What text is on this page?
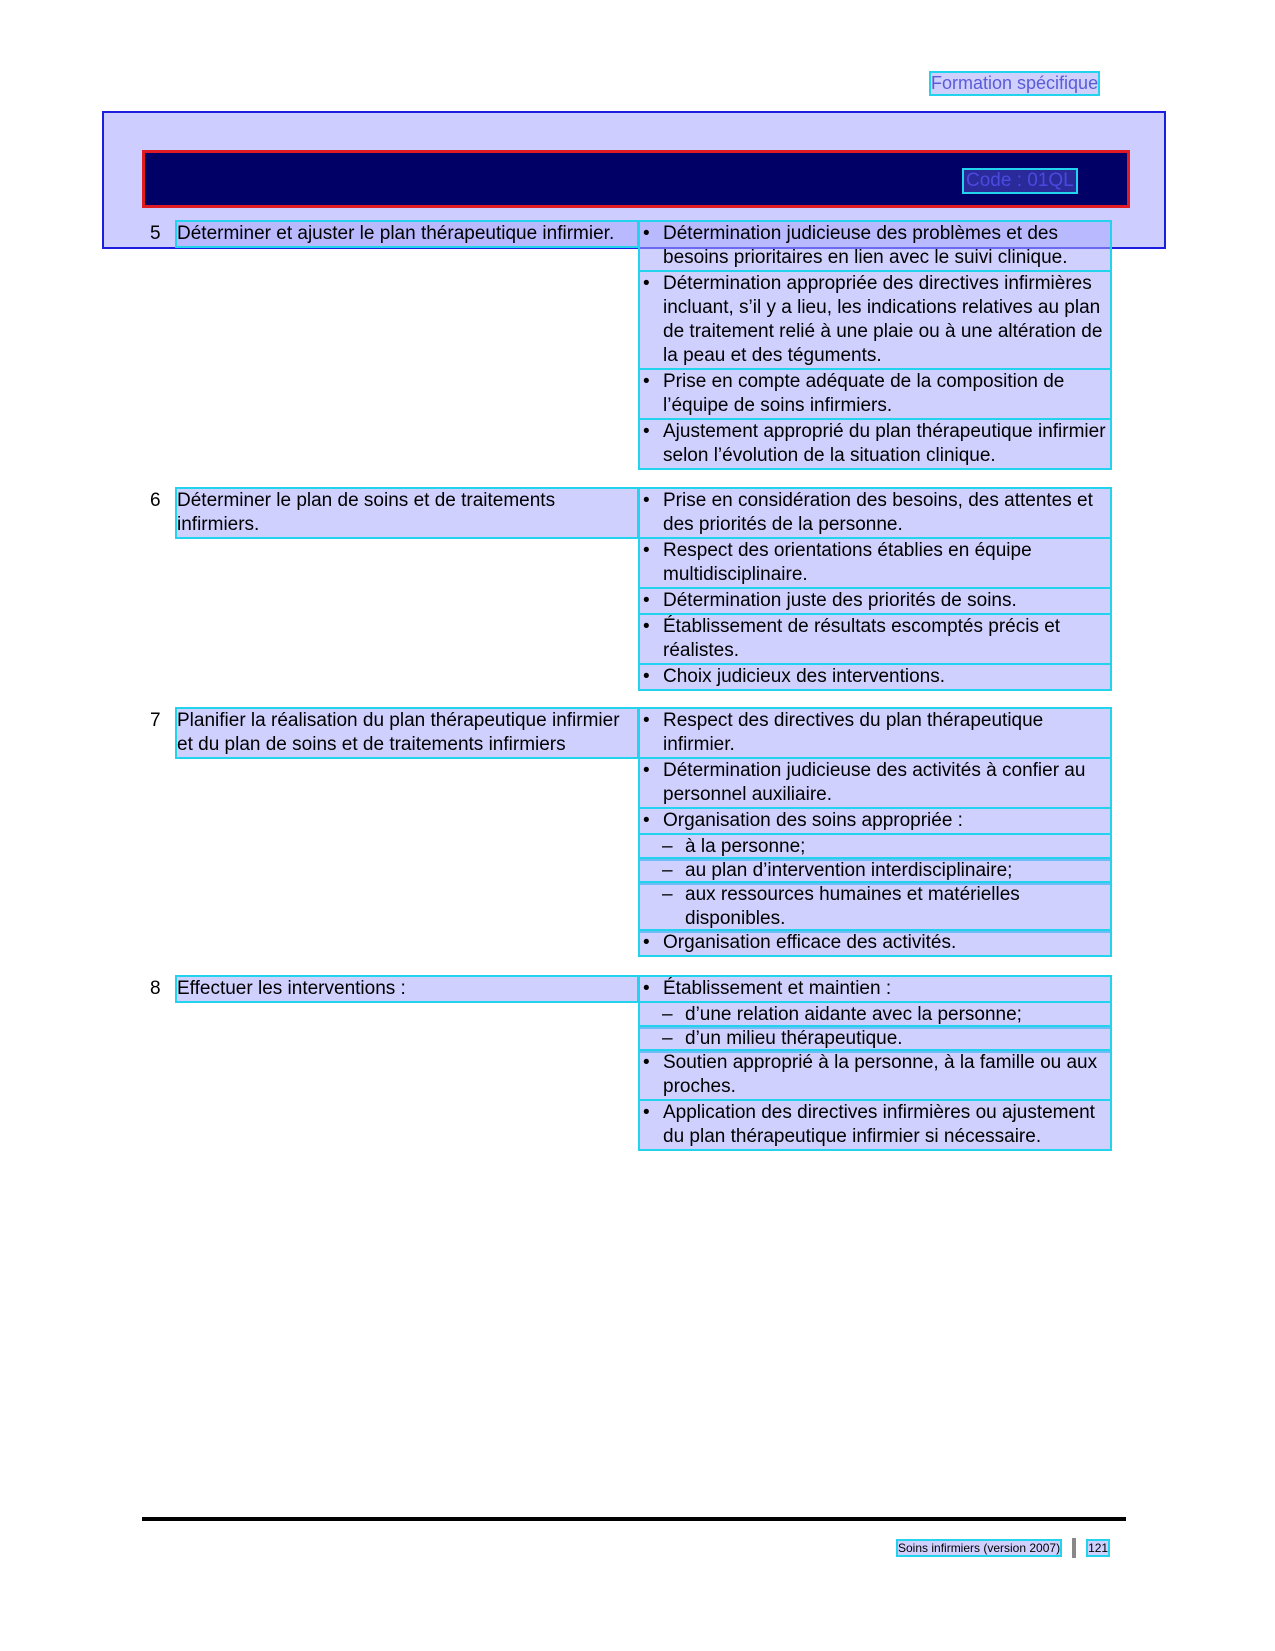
Formation spécifique
Code : 01QL
5 Déterminer et ajuster le plan thérapeutique infirmier.	• Détermination judicieuse des problèmes et des besoins prioritaires en lien avec le suivi clinique.
• Détermination appropriée des directives infirmières incluant, s’il y a lieu, les indications relatives au plan de traitement relié à une plaie ou à une altération de la peau et des téguments.
• Prise en compte adéquate de la composition de l’équipe de soins infirmiers.
• Ajustement approprié du plan thérapeutique infirmier selon l’évolution de la situation clinique.
6 Déterminer le plan de soins et de traitements infirmiers.
• Prise en considération des besoins, des attentes et des priorités de la personne.
• Respect des orientations établies en équipe multidisciplinaire.
• Détermination juste des priorités de soins.
• Établissement de résultats escomptés précis et réalistes.
• Choix judicieux des interventions.
7 Planifier la réalisation du plan thérapeutique infirmier et du plan de soins et de traitements infirmiers
• Respect des directives du plan thérapeutique infirmier.
• Détermination judicieuse des activités à confier au personnel auxiliaire.
• Organisation des soins appropriée :
– à la personne;
– au plan d’intervention interdisciplinaire;
– aux ressources humaines et matérielles disponibles.
• Organisation efficace des activités.
8 Effectuer les interventions :	• Établissement et maintien :
– d’une relation aidante avec la personne;
– d’un milieu thérapeutique.
• Soutien approprié à la personne, à la famille ou aux proches.
• Application des directives infirmières ou ajustement du plan thérapeutique infirmier si nécessaire.
Soins infirmiers (version 2007) 121
